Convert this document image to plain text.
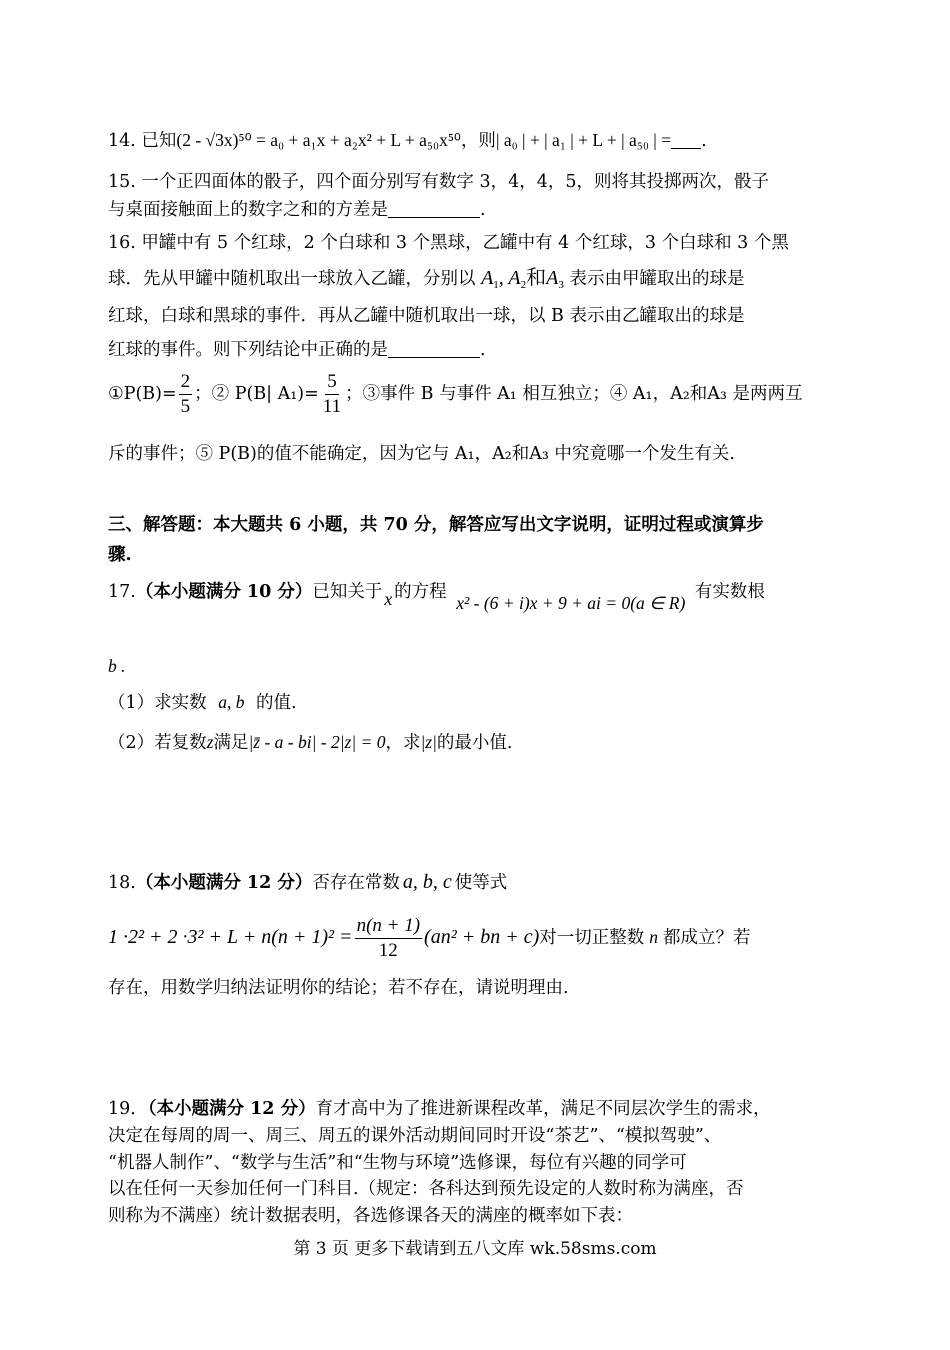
14. 已知(2 - √3x)⁵⁰ = a₀ + a₁x + a₂x² + L + a₅₀x⁵⁰，则| a₀ | + | a₁ | + L + | a₅₀ | = .
15. 一个正四面体的骰子，四个面分别写有数字 3，4，4，5，则将其投掷两次，骰子
与桌面接触面上的数字之和的方差是	.
16. 甲罐中有 5 个红球，2 个白球和 3 个黑球，乙罐中有 4 个红球，3 个白球和 3 个黑
球．先从甲罐中随机取出一球放入乙罐，分别以 $A_1$, $A_2$和$A_3$ 表示由甲罐取出的球是
红球，白球和黑球的事件．再从乙罐中随机取出一球，以 B 表示由乙罐取出的球是
红球的事件。则下列结论中正确的是	.
①P(B)= $\frac{2}{5}$ ；② P(B| $A_1)= \frac{5}{11}$ ；③事件 B 与事件 A₁ 相互独立；④ A₁，A₂和A₃ 是两两互
斥的事件；⑤ P(B)的值不能确定，因为它与 A₁，A₂和A₃ 中究竟哪一个发生有关.
三、解答题：本大题共 6 小题，共 70 分，解答应写出文字说明，证明过程或演算步
骤.
17.（本小题满分 10 分）已知关于 x 的方程 x² - (6 + i)x + 9 + ai = 0(a ∈ R) 有实数根
b .
（1）求实数 a, b 的值.
（2）若复数z满足|z̄ - a - bi| - 2|z| = 0，求|z|的最小值.
18.（本小题满分 12 分）否存在常数 a, b, c 使等式
$1 \cdot 2^2 + 2 \cdot 3^2 + L + n(n + 1)^2 = \frac{n(n + 1)}{12} (an^2$ + bn + c)对一切正整数 n 都成立？若
存在，用数学归纳法证明你的结论；若不存在，请说明理由.
19．（本小题满分 12 分）育才高中为了推进新课程改革，满足不同层次学生的需求，
决定在每周的周一、周三、周五的课外活动期间同时开设“茶艺”、“模拟驾驶”、
“机器人制作”、“数学与生活”和“生物与环境”选修课，每位有兴趣的同学可
以在任何一天参加任何一门科目.（规定：各科达到预先设定的人数时称为满座，否
则称为不满座）统计数据表明，各选修课各天的满座的概率如下表：
第 3 页 更多下载请到五八文库 wk.58sms.com
